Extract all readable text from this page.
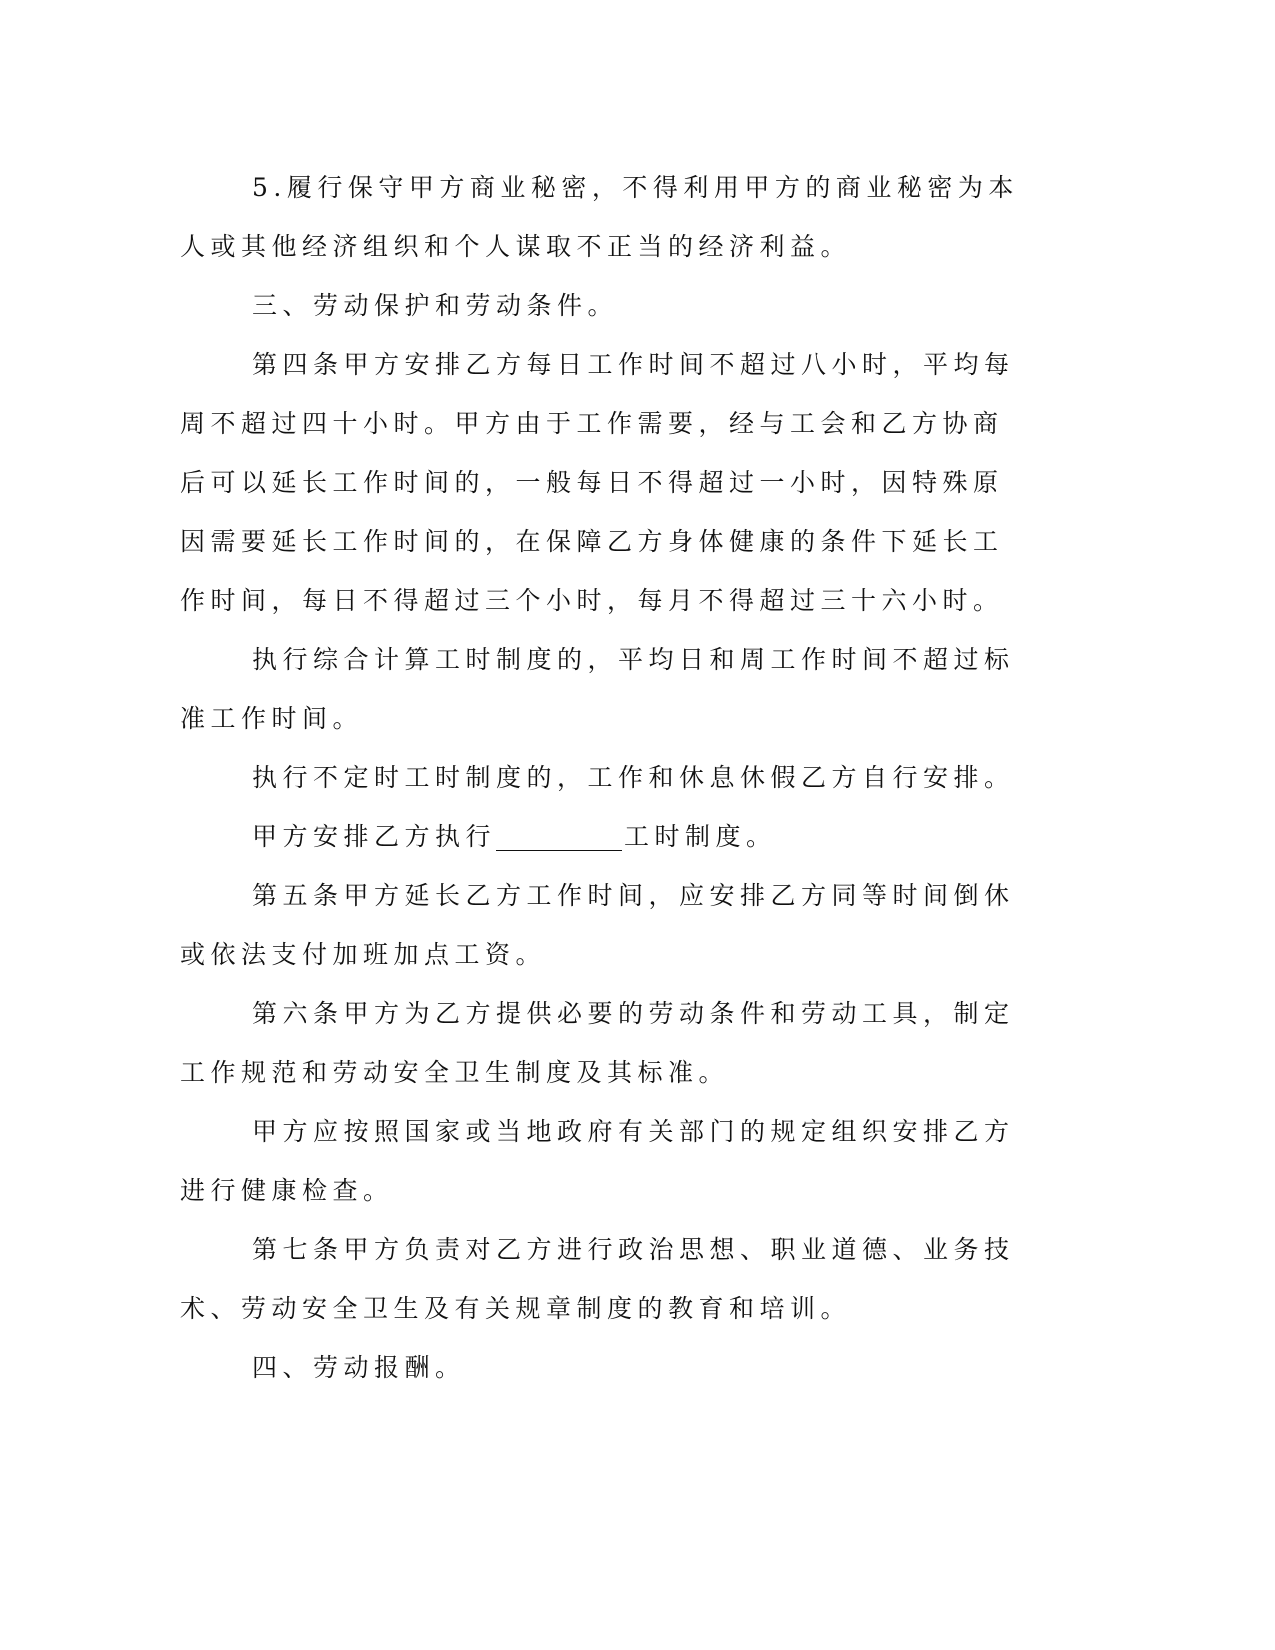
5.履行保守甲方商业秘密，不得利用甲方的商业秘密为本人或其他经济组织和个人谋取不正当的经济利益。

三、劳动保护和劳动条件。

第四条甲方安排乙方每日工作时间不超过八小时，平均每周不超过四十小时。甲方由于工作需要，经与工会和乙方协商后可以延长工作时间的，一般每日不得超过一小时，因特殊原因需要延长工作时间的，在保障乙方身体健康的条件下延长工作时间，每日不得超过三个小时，每月不得超过三十六小时。

执行综合计算工时制度的，平均日和周工作时间不超过标准工作时间。

执行不定时工时制度的，工作和休息休假乙方自行安排。

甲方安排乙方执行	工时制度。

第五条甲方延长乙方工作时间，应安排乙方同等时间倒休或依法支付加班加点工资。

第六条甲方为乙方提供必要的劳动条件和劳动工具，制定工作规范和劳动安全卫生制度及其标准。

甲方应按照国家或当地政府有关部门的规定组织安排乙方进行健康检查。

第七条甲方负责对乙方进行政治思想、职业道德、业务技术、劳动安全卫生及有关规章制度的教育和培训。

四、劳动报酬。
